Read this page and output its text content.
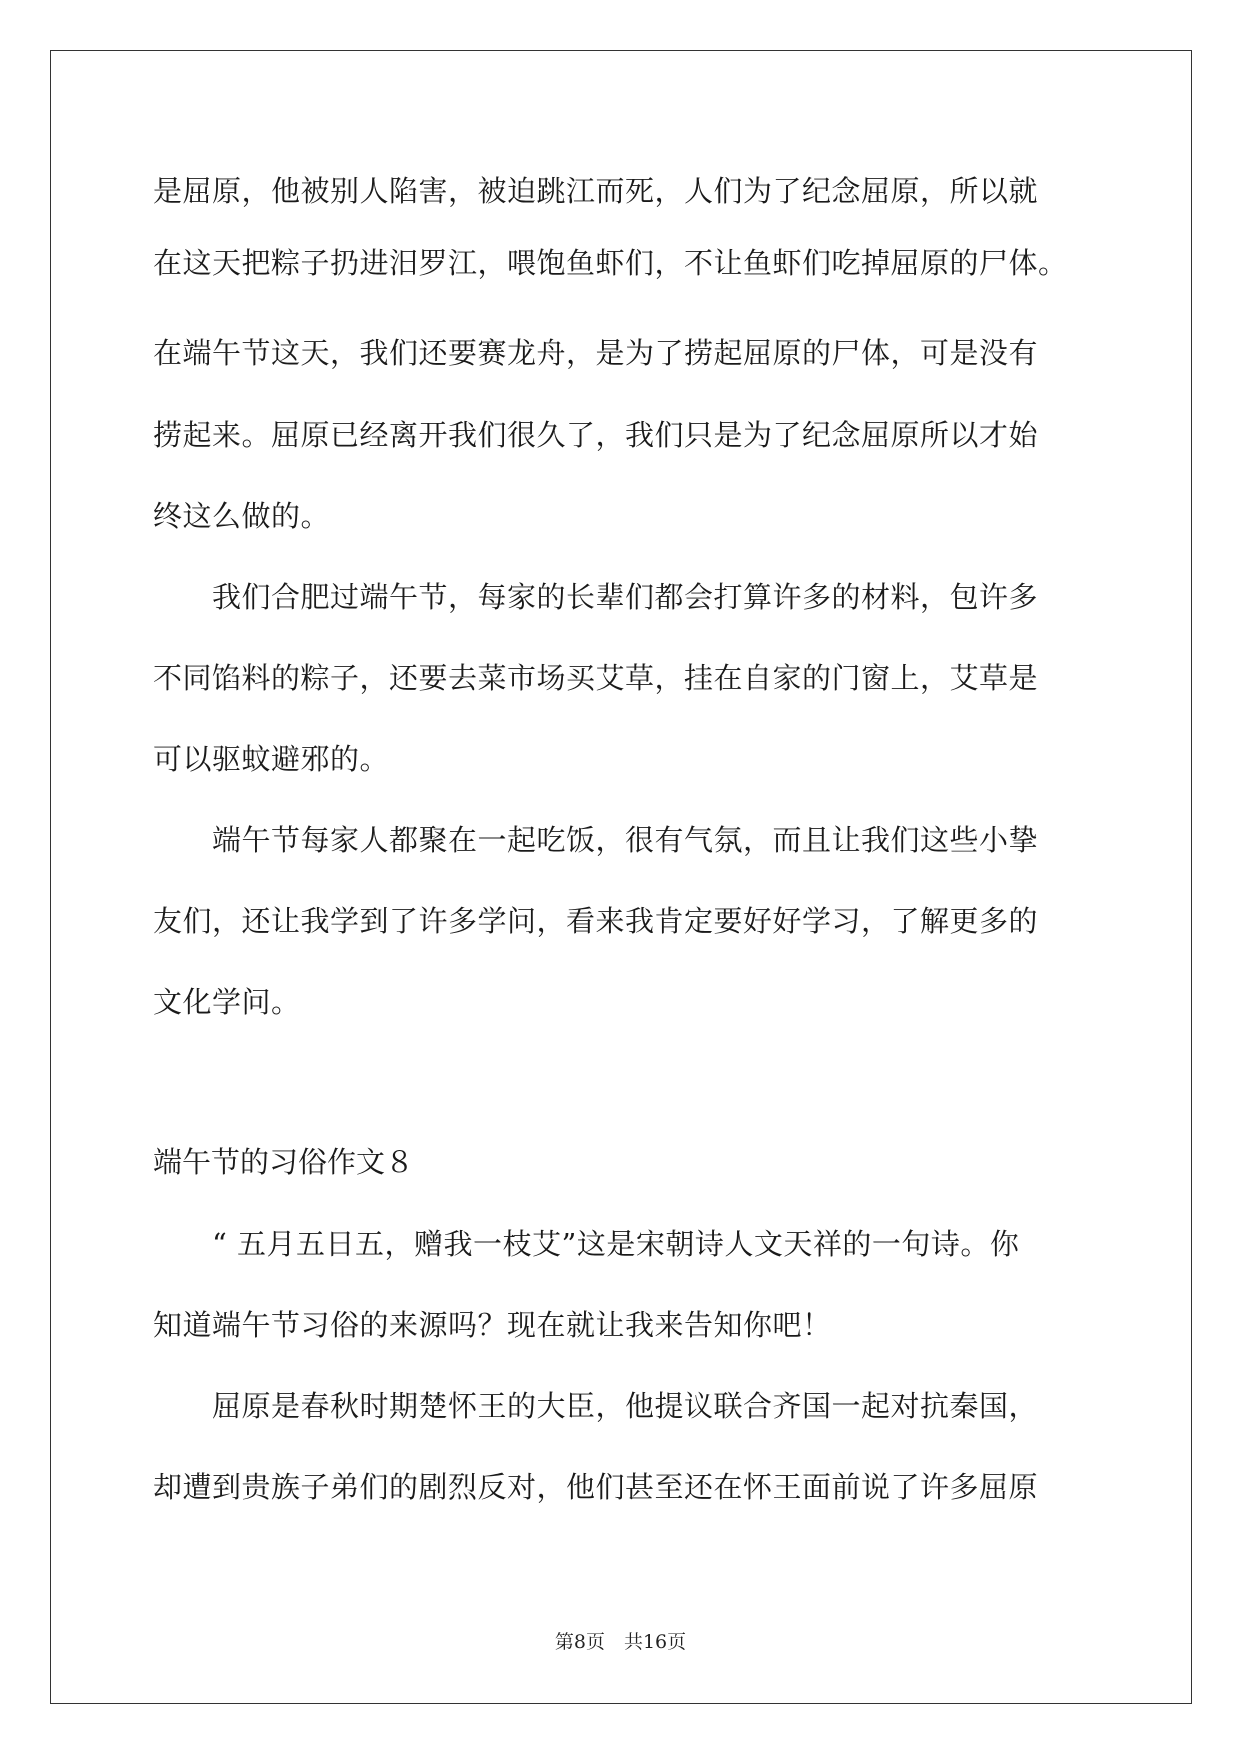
是屈原，他被别人陷害，被迫跳江而死，人们为了纪念屈原，所以就
在这天把粽子扔进汨罗江，喂饱鱼虾们，不让鱼虾们吃掉屈原的尸体。
在端午节这天，我们还要赛龙舟，是为了捞起屈原的尸体，可是没有
捞起来。屈原已经离开我们很久了，我们只是为了纪念屈原所以才始
终这么做的。
　　我们合肥过端午节，每家的长辈们都会打算许多的材料，包许多
不同馅料的粽子，还要去菜市场买艾草，挂在自家的门窗上，艾草是
可以驱蚊避邪的。
　　端午节每家人都聚在一起吃饭，很有气氛，而且让我们这些小挚
友们，还让我学到了许多学问，看来我肯定要好好学习，了解更多的
文化学问。
端午节的习俗作文８
　　“ 五月五日五，赠我一枝艾”这是宋朝诗人文天祥的一句诗。你
知道端午节习俗的来源吗？现在就让我来告知你吧！
　　屈原是春秋时期楚怀王的大臣，他提议联合齐国一起对抗秦国，
却遭到贵族子弟们的剧烈反对，他们甚至还在怀王面前说了许多屈原
第8页　共16页
